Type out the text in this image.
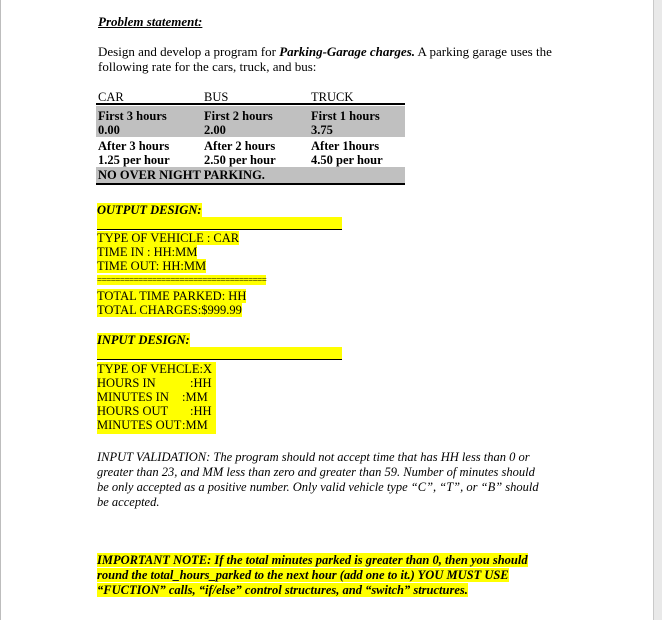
Problem statement:
Design and develop a program for Parking-Garage charges. A parking garage uses the
following rate for the cars, truck, and bus:
CAR	BUS	TRUCK
First 3 hours	First 2 hours	First 1 hours
0.00	2.00	3.75
After 3 hours	After 2 hours	After 1hours
1.25 per hour	2.50 per hour	4.50 per hour
NO OVER NIGHT PARKING.
OUTPUT DESIGN:
TYPE OF VEHICLE : CAR
TIME IN : HH:MM
TIME OUT: HH:MM
=====================================
TOTAL TIME PARKED: HH
TOTAL CHARGES:$999.99
INPUT DESIGN:
TYPE OF VEHCLE:X
HOURS IN	:HH
MINUTES IN :MM
HOURS OUT :HH
MINUTES OUT :MM
INPUT VALIDATION: The program should not accept time that has HH less than 0 or
greater than 23, and MM less than zero and greater than 59. Number of minutes should
be only accepted as a positive number. Only valid vehicle type “C”, “T”, or “B” should
be accepted.
IMPORTANT NOTE: If the total minutes parked is greater than 0, then you should
round the total_hours_parked to the next hour (add one to it.) YOU MUST USE
“FUCTION” calls, “if/else” control structures, and “switch” structures.
